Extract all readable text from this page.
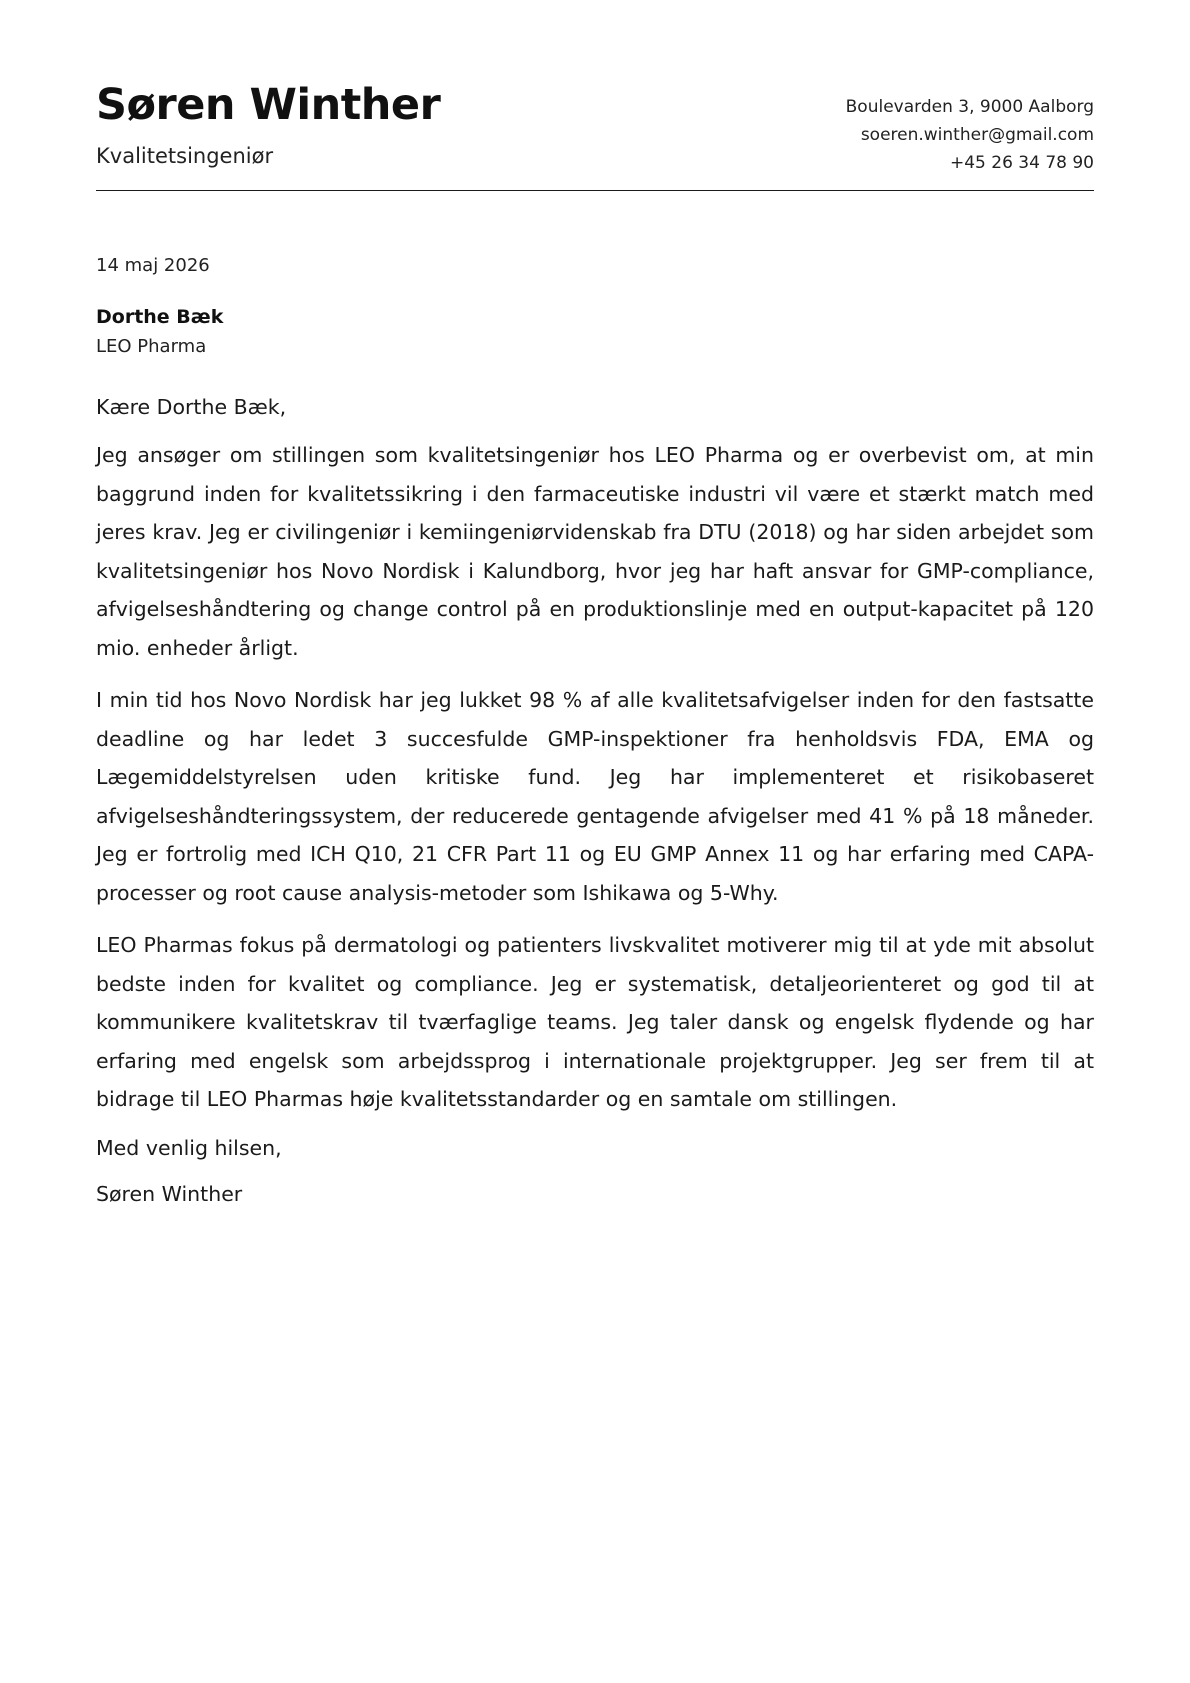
Søren Winther
Kvalitetsingeniør
Boulevarden 3, 9000 Aalborg
soeren.winther@gmail.com
+45 26 34 78 90
14 maj 2026
Dorthe Bæk
LEO Pharma
Kære Dorthe Bæk,

Jeg ansøger om stillingen som kvalitetsingeniør hos LEO Pharma og er overbevist om, at min baggrund inden for kvalitetssikring i den farmaceutiske industri vil være et stærkt match med jeres krav. Jeg er civilingeniør i kemiingeniørvidenskab fra DTU (2018) og har siden arbejdet som kvalitetsingeniør hos Novo Nordisk i Kalundborg, hvor jeg har haft ansvar for GMP-compliance, afvigelseshåndtering og change control på en produktionslinje med en output-kapacitet på 120 mio. enheder årligt.

I min tid hos Novo Nordisk har jeg lukket 98 % af alle kvalitetsafvigelser inden for den fastsatte deadline og har ledet 3 succesfulde GMP-inspektioner fra henholdsvis FDA, EMA og Lægemiddelstyrelsen uden kritiske fund. Jeg har implementeret et risikobaseret afvigelseshåndteringssystem, der reducerede gentagende afvigelser med 41 % på 18 måneder. Jeg er fortrolig med ICH Q10, 21 CFR Part 11 og EU GMP Annex 11 og har erfaring med CAPA-processer og root cause analysis-metoder som Ishikawa og 5-Why.

LEO Pharmas fokus på dermatologi og patienters livskvalitet motiverer mig til at yde mit absolut bedste inden for kvalitet og compliance. Jeg er systematisk, detaljeorienteret og god til at kommunikere kvalitetskrav til tværfaglige teams. Jeg taler dansk og engelsk flydende og har erfaring med engelsk som arbejdssprog i internationale projektgrupper. Jeg ser frem til at bidrage til LEO Pharmas høje kvalitetsstandarder og en samtale om stillingen.

Med venlig hilsen,
Søren Winther
